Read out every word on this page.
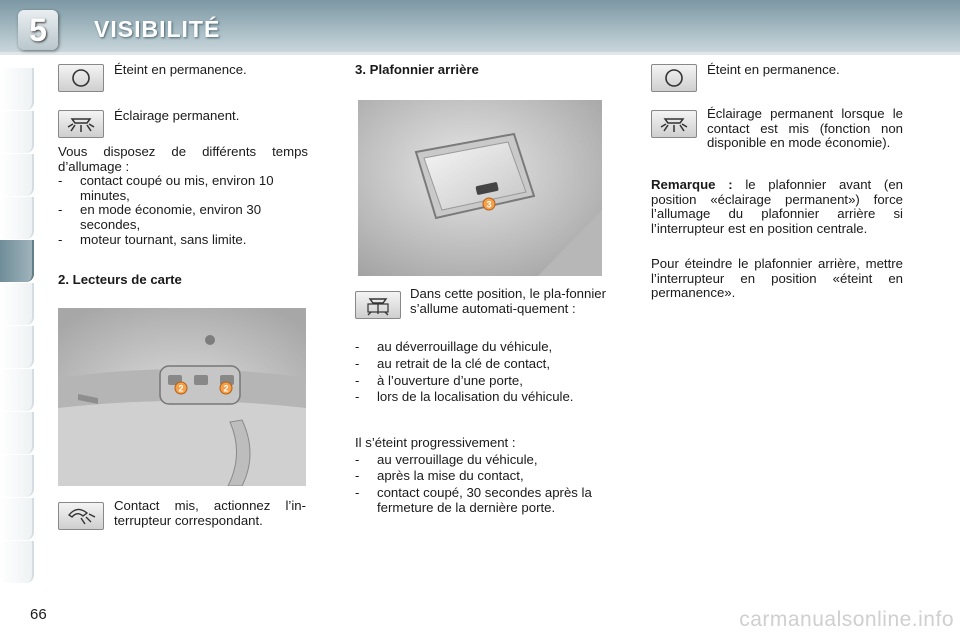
5	VISIBILITÉ
Éteint en permanence.
Éclairage permanent.
Vous disposez de différents temps d’allumage :
- contact coupé ou mis, environ 10 minutes,
- en mode économie, environ 30 secondes,
- moteur tournant, sans limite.
2. Lecteurs de carte
2	2
Contact mis, actionnez l’in-terrupteur correspondant.
3. Plafonnier arrière
3
Dans cette position, le pla-fonnier s’allume automati-quement :
- au déverrouillage du véhicule,
- au retrait de la clé de contact,
- à l’ouverture d’une porte,
- lors de la localisation du véhicule.
Il s’éteint progressivement :
- au verrouillage du véhicule,
- après la mise du contact,
- contact coupé, 30 secondes après la fermeture de la dernière porte.
Éteint en permanence.
Éclairage permanent lorsque le contact est mis (fonction non disponible en mode économie).
Remarque : le plafonnier avant (en position «éclairage permanent») force l’allumage du plafonnier arrière si l’interrupteur est en position centrale.
Pour éteindre le plafonnier arrière, mettre l’interrupteur en position «éteint en permanence».
66	carmanualsonline.info
